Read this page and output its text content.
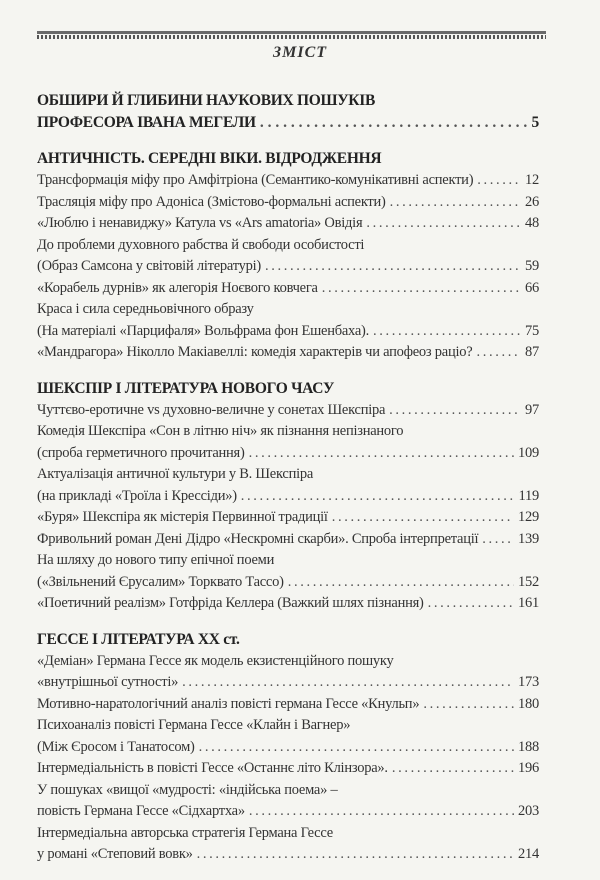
ЗМІСТ
ОБШИРИ Й ГЛИБИНИ НАУКОВИХ ПОШУКІВ
ПРОФЕСОРА ІВАНА МЕГЕЛИ . . .	5
АНТИЧНІСТЬ. СЕРЕДНІ ВІКИ. ВІДРОДЖЕННЯ
Трансформація міфу про Амфітріона (Семантико-комунікативні аспекти) . . .	12
Трасляція міфу про Адоніса (Змістово-формальні аспекти) . . .	26
«Люблю і ненавиджу» Катула vs «Ars amatoria» Овідія . . .	48
До проблеми духовного рабства й свободи особистості
(Образ Самсона у світовій літературі) . . .	59
«Корабель дурнів» як алегорія Ноєвого ковчега . . .	66
Краса і сила середньовічного образу
(На матеріалі «Парцифаля» Вольфрама фон Ешенбаха). . . .	75
«Мандрагора» Ніколло Макіавеллі: комедія характерів чи апофеоз раціо? . . .	87
ШЕКСПІР І ЛІТЕРАТУРА НОВОГО ЧАСУ
Чуттєво-еротичне vs духовно-величне у сонетах Шекспіра . . .	97
Комедія Шекспіра «Сон в літню ніч» як пізнання непізнаного
(спроба герметичного прочитання) . . .	109
Актуалізація античної культури у В. Шекспіра
(на прикладі «Троїла і Крессіди») . . .	119
«Буря» Шекспіра як містерія Первинної традиції . . .	129
Фривольний роман Дені Дідро «Нескромні скарби». Спроба інтерпретації . . .	139
На шляху до нового типу епічної поеми
(«Звільнений Єрусалим» Торквато Тассо) . . .	152
«Поетичний реалізм» Готфріда Келлера (Важкий шлях пізнання) . . .	161
ГЕССЕ І ЛІТЕРАТУРА XX ст.
«Деміан» Германа Гессе як модель екзистенційного пошуку
«внутрішньої сутності» . . .	173
Мотивно-наратологічний аналіз повісті германа Гессе «Кнульп» . . .	180
Психоаналіз повісті Германа Гессе «Клайн і Вагнер»
(Між Єросом і Танатосом) . . .	188
Інтермедіальність в повісті Гессе «Останнє літо Клінзора». . . .	196
У пошуках «вищої «мудрості: «індійська поема» –
повість Германа Гессе «Сідхартха» . . .	203
Інтермедіальна авторська стратегія Германа Гессе
у романі «Степовий вовк» . . .	214
